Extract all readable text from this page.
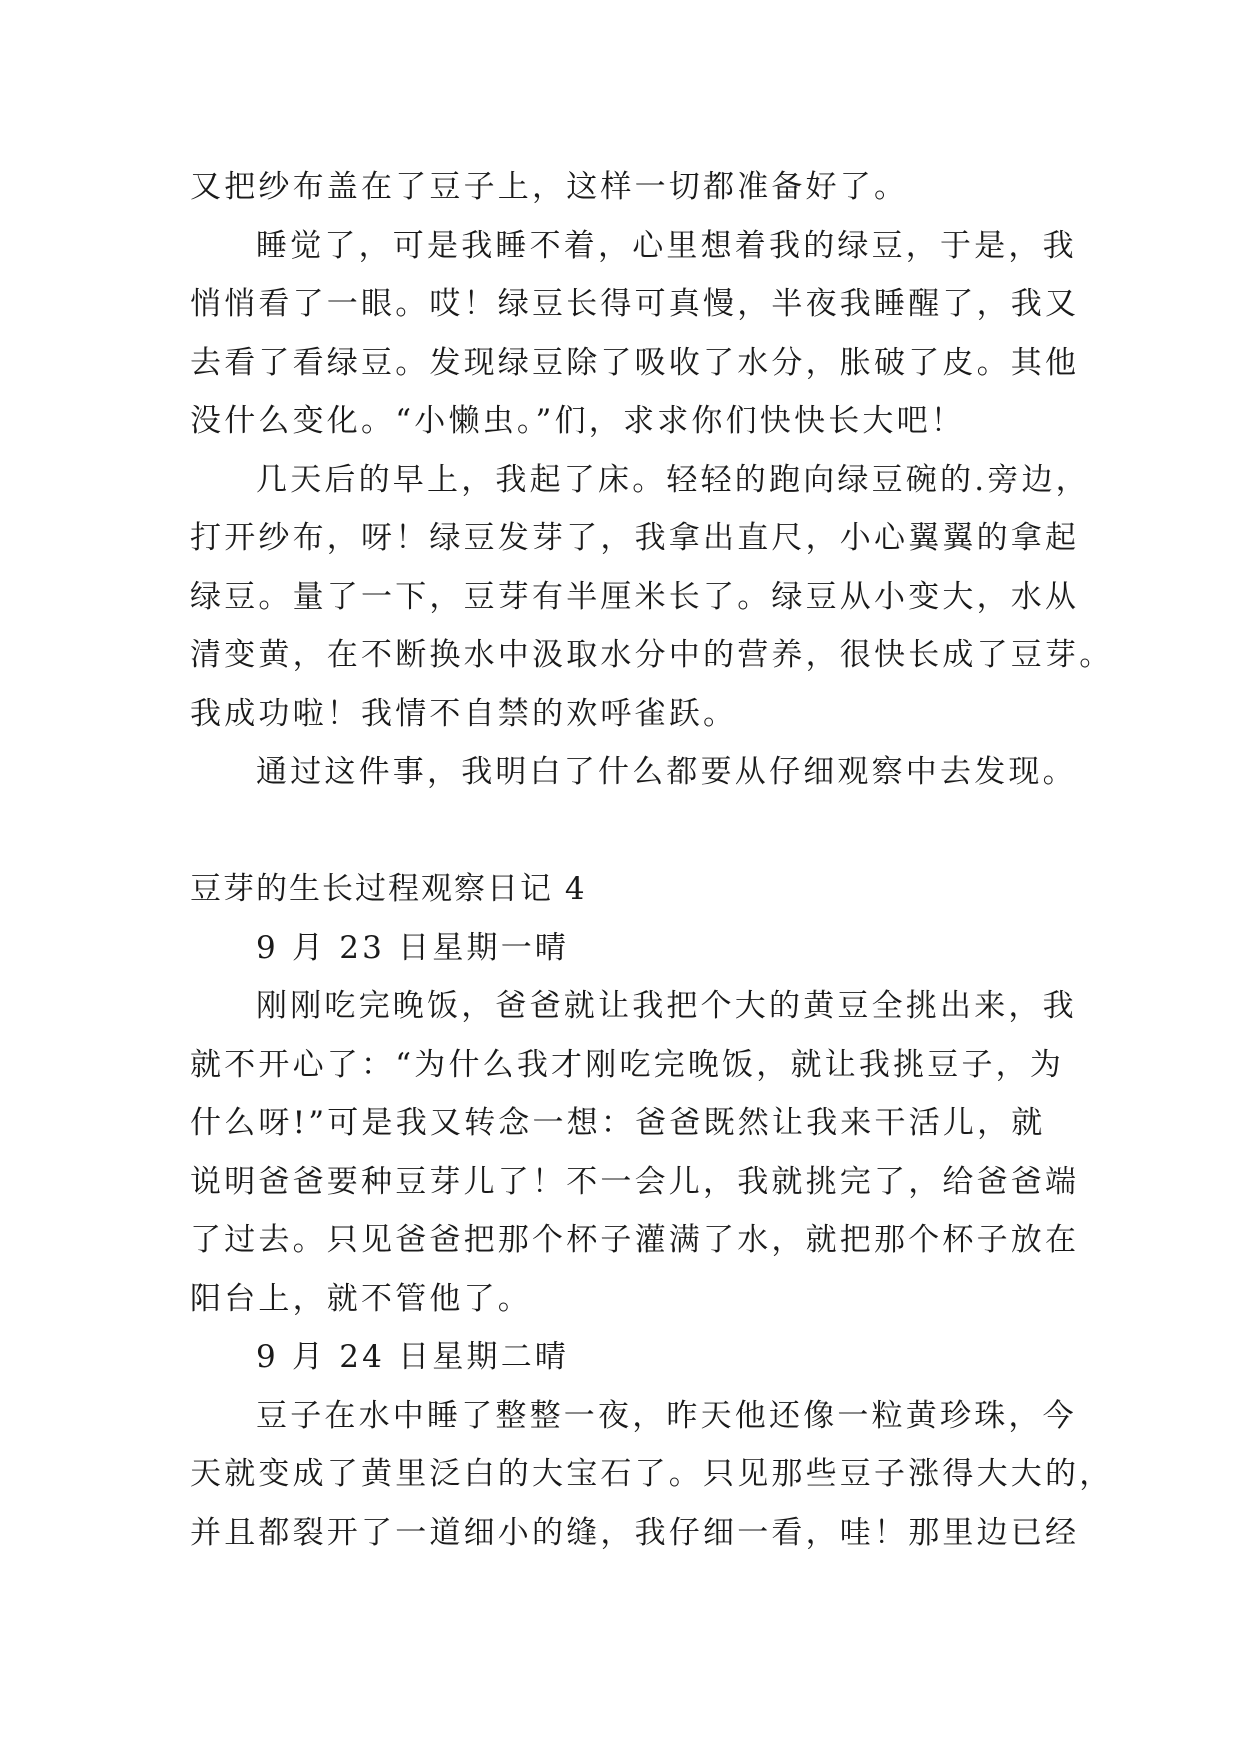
又把纱布盖在了豆子上，这样一切都准备好了。
睡觉了，可是我睡不着，心里想着我的绿豆，于是，我
悄悄看了一眼。哎！绿豆长得可真慢，半夜我睡醒了，我又
去看了看绿豆。发现绿豆除了吸收了水分，胀破了皮。其他
没什么变化。“小懒虫。”们，求求你们快快长大吧！
几天后的早上，我起了床。轻轻的跑向绿豆碗的.旁边，
打开纱布，呀！绿豆发芽了，我拿出直尺，小心翼翼的拿起
绿豆。量了一下，豆芽有半厘米长了。绿豆从小变大，水从
清变黄，在不断换水中汲取水分中的营养，很快长成了豆芽。
我成功啦！我情不自禁的欢呼雀跃。
通过这件事，我明白了什么都要从仔细观察中去发现。
豆芽的生长过程观察日记 4
9 月 23 日星期一晴
刚刚吃完晚饭，爸爸就让我把个大的黄豆全挑出来，我
就不开心了：“为什么我才刚吃完晚饭，就让我挑豆子，为
什么呀!”可是我又转念一想：爸爸既然让我来干活儿，就
说明爸爸要种豆芽儿了！不一会儿，我就挑完了，给爸爸端
了过去。只见爸爸把那个杯子灌满了水，就把那个杯子放在
阳台上，就不管他了。
9 月 24 日星期二晴
豆子在水中睡了整整一夜，昨天他还像一粒黄珍珠，今
天就变成了黄里泛白的大宝石了。只见那些豆子涨得大大的，
并且都裂开了一道细小的缝，我仔细一看，哇！那里边已经
